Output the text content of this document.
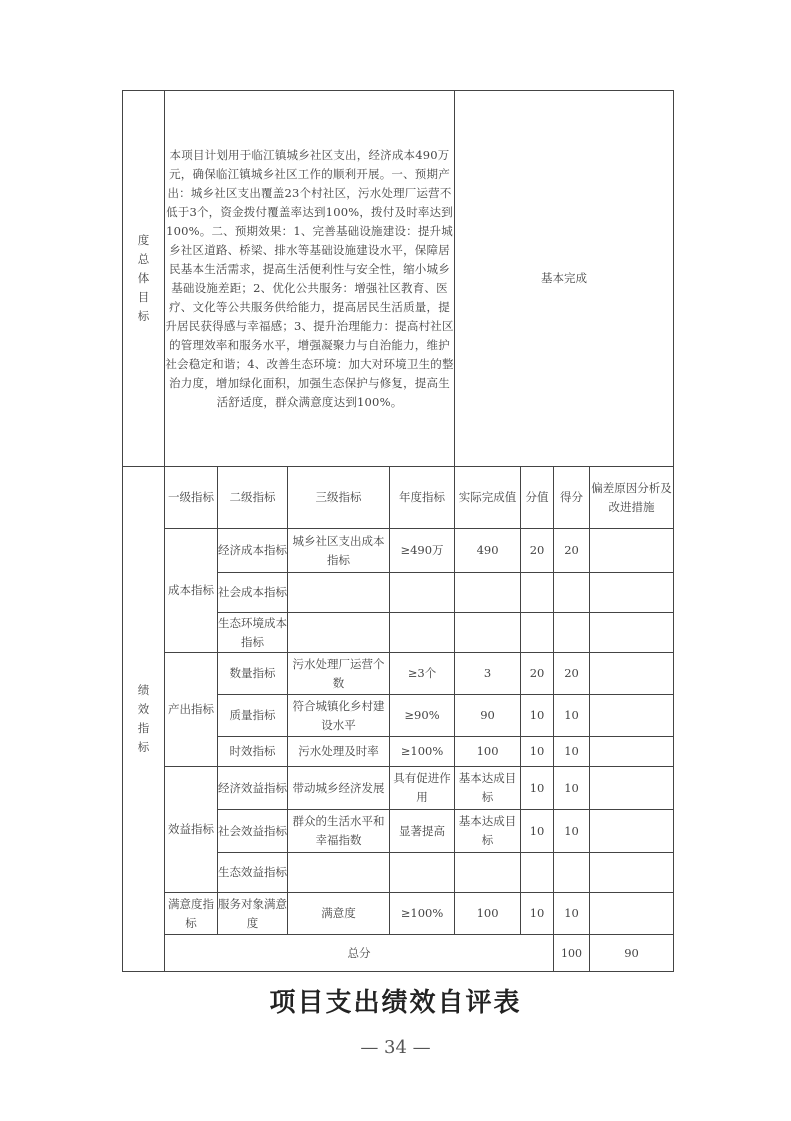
度总体目标	本项目计划用于临江镇城乡社区支出，经济成本490万元，确保临江镇城乡社区工作的顺利开展。一、预期产出：城乡社区支出覆盖23个村社区，污水处理厂运营不低于3个，资金拨付覆盖率达到100%，拨付及时率达到100%。二、预期效果：1、完善基础设施建设：提升城乡社区道路、桥梁、排水等基础设施建设水平，保障居民基本生活需求，提高生活便利性与安全性，缩小城乡基础设施差距；2、优化公共服务：增强社区教育、医疗、文化等公共服务供给能力，提高居民生活质量，提升居民获得感与幸福感；3、提升治理能力：提高村社区的管理效率和服务水平，增强凝聚力与自治能力，维护社会稳定和谐；4、改善生态环境：加大对环境卫生的整治力度，增加绿化面积，加强生态保护与修复，提高生活舒适度，群众满意度达到100%。				基本完成				

绩效指标	一级指标	二级指标	三级指标	年度指标	实际完成值	分值	得分	偏差原因分析及改进措施	
	成本指标	经济成本指标	城乡社区支出成本指标	≥490万	490	20	20		
		社会成本指标							
		生态环境成本指标							
	产出指标	数量指标	污水处理厂运营个数	≥3个	3	20	20		
		质量指标	符合城镇化乡村建设水平	≥90%	90	10	10		
		时效指标	污水处理及时率	≥100%	100	10	10		
	效益指标	经济效益指标	带动城乡经济发展	具有促进作用	基本达成目标	10	10		
		社会效益指标	群众的生活水平和幸福指数	显著提高	基本达成目标	10	10		
		生态效益指标							
	满意度指标	服务对象满意度	满意度	≥100%	100	10	10		
	总分						100	90	
项目支出绩效自评表
— 34 —
